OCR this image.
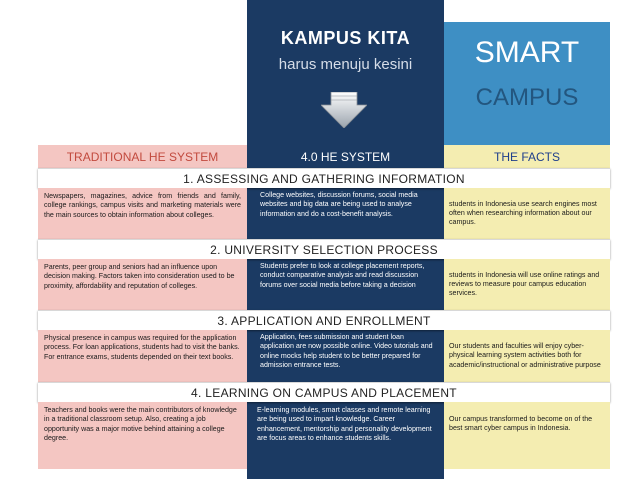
KAMPUS KITA
harus menuju kesini	SMART
CAMPUS
TRADITIONAL HE SYSTEM	4.0 HE SYSTEM	THE FACTS
1. ASSESSING AND GATHERING INFORMATION
Newspapers, magazines, advice from friends and family, college rankings, campus visits and marketing materials were the main sources to obtain information about colleges.
College websites, discussion forums, social media websites and big data are being used to analyse information and do a cost-benefit analysis.
students in Indonesia use search engines most often when researching information about our campus.
2. UNIVERSITY SELECTION PROCESS
Parents, peer group and seniors had an influence upon decision making. Factors taken into consideration used to be proximity, affordability and reputation of colleges.
Students prefer to look at college placement reports, conduct comparative analysis and read discussion forums over social media before taking a decision
students in Indonesia will use online ratings and reviews to measure pour campus education services.
3. APPLICATION AND ENROLLMENT
Physical presence in campus was required for the application process. For loan applications, students had to visit the banks. For entrance exams, students depended on their text books.
Application, fees submission and student loan application are now possible online. Video tutorials and online mocks help student to be better prepared for admission entrance tests.
Our students and faculties will enjoy cyber-physical learning system activities both for academic/instructional or administrative purpose
4. LEARNING ON CAMPUS AND PLACEMENT
Teachers and books were the main contributors of knowledge in a traditional classroom setup. Also, creating a job opportunity was a major motive behind attaining a college degree.
E-learning modules, smart classes and remote learning are being used to impart knowledge. Career enhancement, mentorship and personality development are focus areas to enhance students skills.
Our campus transformed to become on of the best smart cyber campus in Indonesia.
